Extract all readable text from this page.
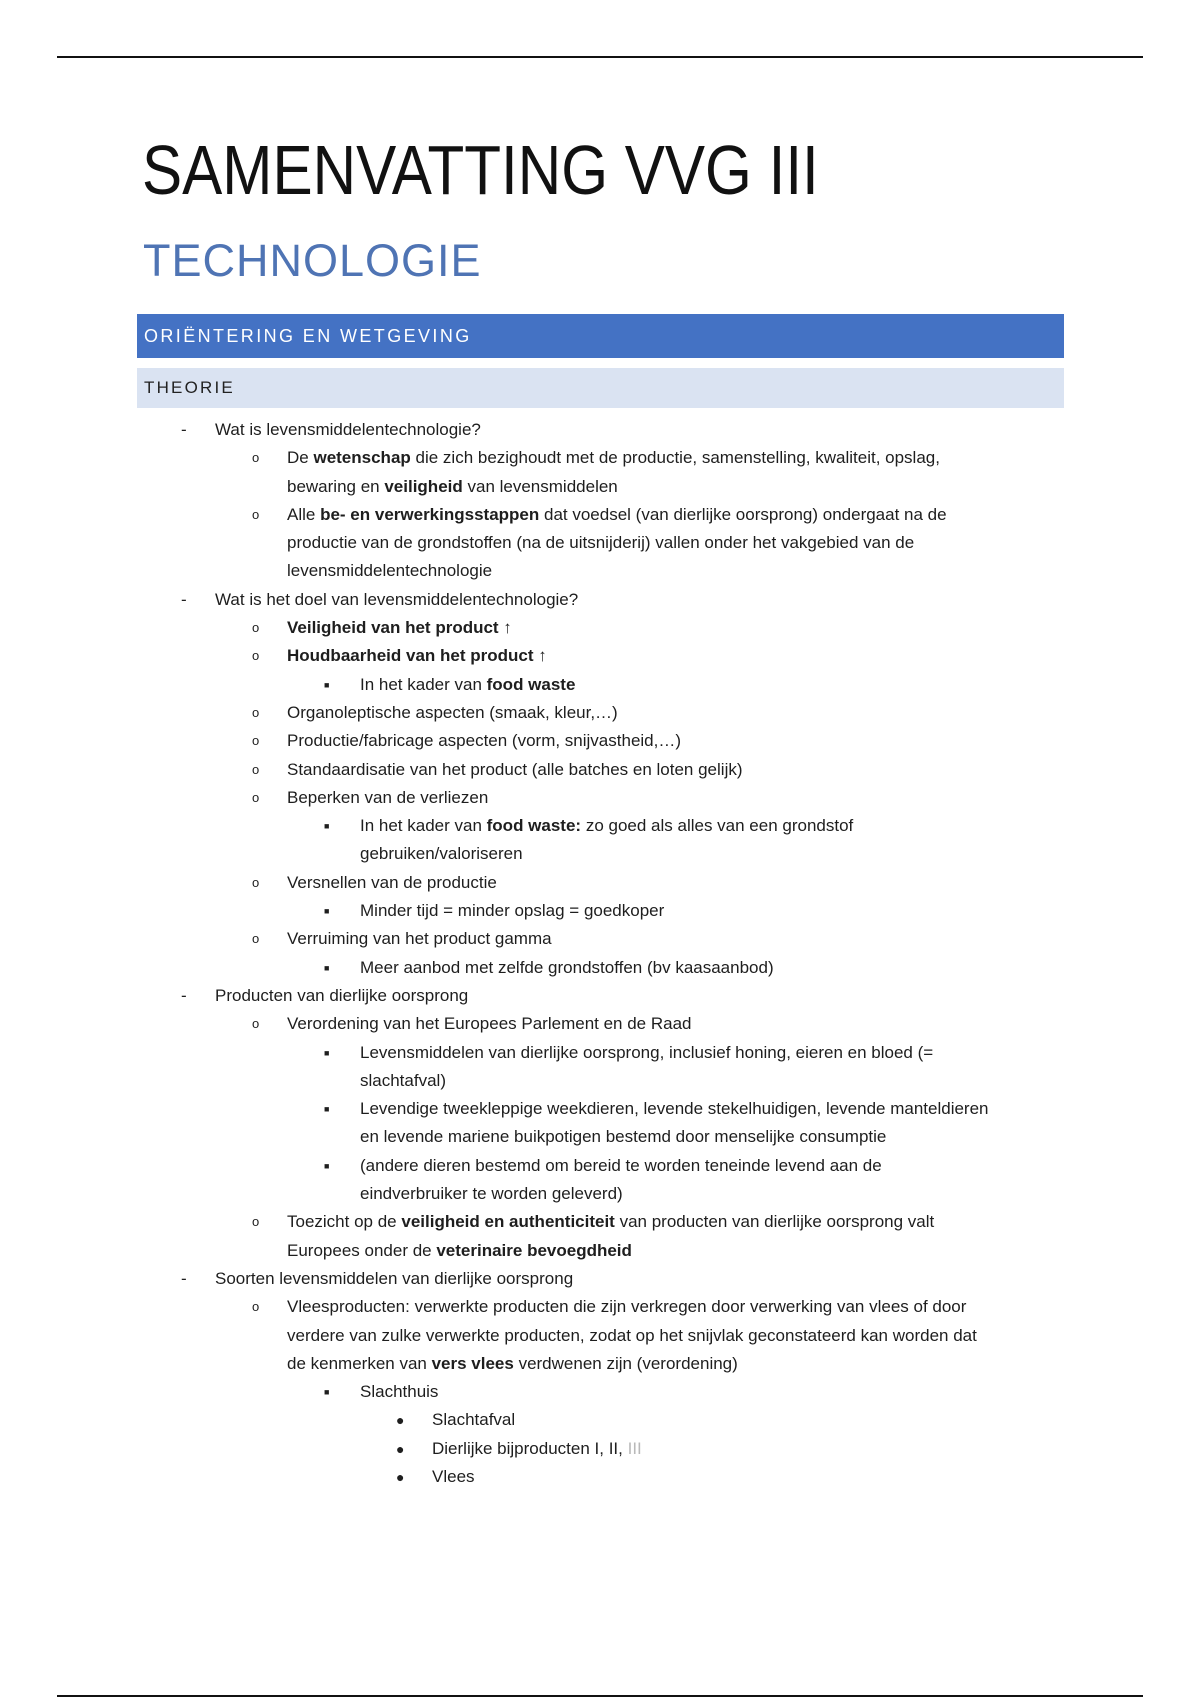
SAMENVATTING VVG III
TECHNOLOGIE
ORIËNTERING EN WETGEVING
THEORIE
- Wat is levensmiddelentechnologie?
o De wetenschap die zich bezighoudt met de productie, samenstelling, kwaliteit, opslag,
bewaring en veiligheid van levensmiddelen
o Alle be- en verwerkingsstappen dat voedsel (van dierlijke oorsprong) ondergaat na de
productie van de grondstoffen (na de uitsnijderij) vallen onder het vakgebied van de
levensmiddelentechnologie
- Wat is het doel van levensmiddelentechnologie?
o Veiligheid van het product ↑
o Houdbaarheid van het product ↑
■ In het kader van food waste
o Organoleptische aspecten (smaak, kleur,…)
o Productie/fabricage aspecten (vorm, snijvastheid,…)
o Standaardisatie van het product (alle batches en loten gelijk)
o Beperken van de verliezen
■ In het kader van food waste: zo goed als alles van een grondstof
gebruiken/valoriseren
o Versnellen van de productie
■ Minder tijd = minder opslag = goedkoper
o Verruiming van het product gamma
■ Meer aanbod met zelfde grondstoffen (bv kaasaanbod)
- Producten van dierlijke oorsprong
o Verordening van het Europees Parlement en de Raad
■ Levensmiddelen van dierlijke oorsprong, inclusief honing, eieren en bloed (=
slachtafval)
■ Levendige tweekleppige weekdieren, levende stekelhuidigen, levende manteldieren
en levende mariene buikpotigen bestemd door menselijke consumptie
■ (andere dieren bestemd om bereid te worden teneinde levend aan de
eindverbruiker te worden geleverd)
o Toezicht op de veiligheid en authenticiteit van producten van dierlijke oorsprong valt
Europees onder de veterinaire bevoegdheid
- Soorten levensmiddelen van dierlijke oorsprong
o Vleesproducten: verwerkte producten die zijn verkregen door verwerking van vlees of door
verdere van zulke verwerkte producten, zodat op het snijvlak geconstateerd kan worden dat
de kenmerken van vers vlees verdwenen zijn (verordening)
■ Slachthuis
● Slachtafval
● Dierlijke bijproducten I, II, III
● Vlees
